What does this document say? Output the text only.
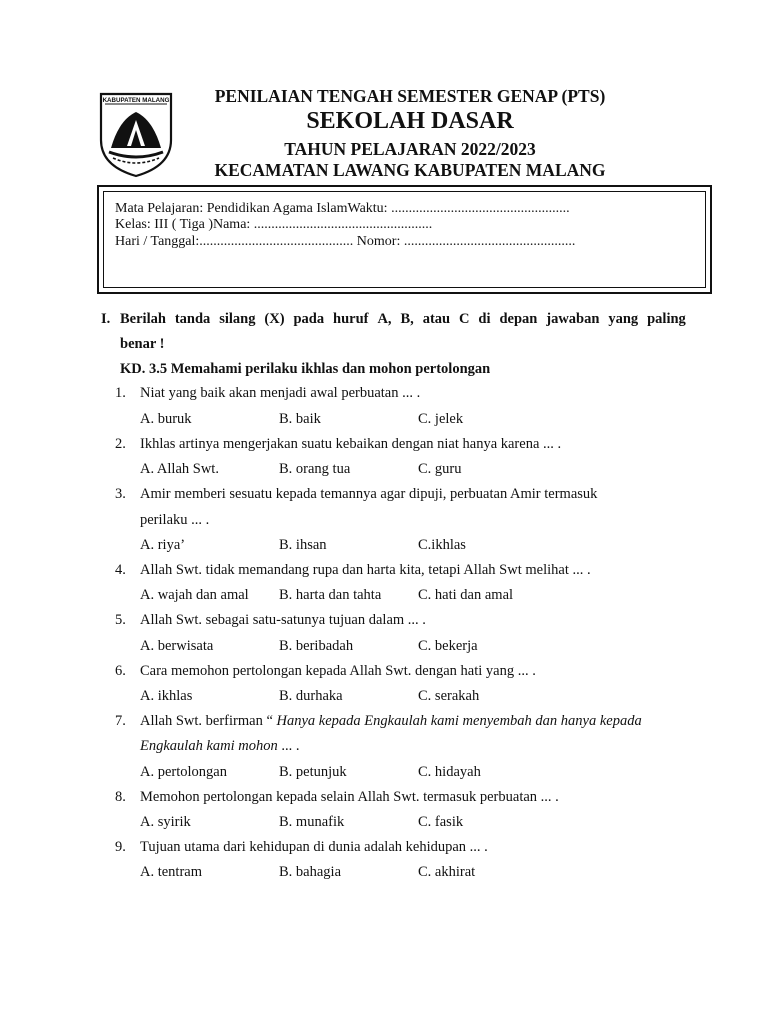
KABUPATEN MALANG	PENILAIAN TENGAH SEMESTER GENAP (PTS)
SEKOLAH DASAR
TAHUN PELAJARAN 2022/2023
KECAMATAN LAWANG KABUPATEN MALANG
Mata Pelajaran: Pendidikan Agama IslamWaktu: ...................................................
Kelas: III ( Tiga )Nama: ...................................................
Hari / Tanggal:............................................ Nomor: .................................................
I. Berilah tanda silang (X) pada huruf A, B, atau C di depan jawaban yang paling
benar !
KD. 3.5 Memahami perilaku ikhlas dan mohon pertolongan
1. Niat yang baik akan menjadi awal perbuatan ... .
A. buruk	B. baik	C. jelek
2. Ikhlas artinya mengerjakan suatu kebaikan dengan niat hanya karena ... .
A. Allah Swt.	B. orang tua	C. guru
3. Amir memberi sesuatu kepada temannya agar dipuji, perbuatan Amir termasuk
perilaku ... .
A. riya’	B. ihsan	C.ikhlas
4. Allah Swt. tidak memandang rupa dan harta kita, tetapi Allah Swt melihat ... .
A. wajah dan amal B. harta dan tahta	C. hati dan amal
5. Allah Swt. sebagai satu-satunya tujuan dalam ... .
A. berwisata	B. beribadah	C. bekerja
6. Cara memohon pertolongan kepada Allah Swt. dengan hati yang ... .
A. ikhlas	B. durhaka	C. serakah
7. Allah Swt. berfirman “ Hanya kepada Engkaulah kami menyembah dan hanya kepada
Engkaulah kami mohon ... .
A. pertolongan	B. petunjuk	C. hidayah
8. Memohon pertolongan kepada selain Allah Swt. termasuk perbuatan ... .
A. syirik	B. munafik	C. fasik
9. Tujuan utama dari kehidupan di dunia adalah kehidupan ... .
A. tentram	B. bahagia	C. akhirat
